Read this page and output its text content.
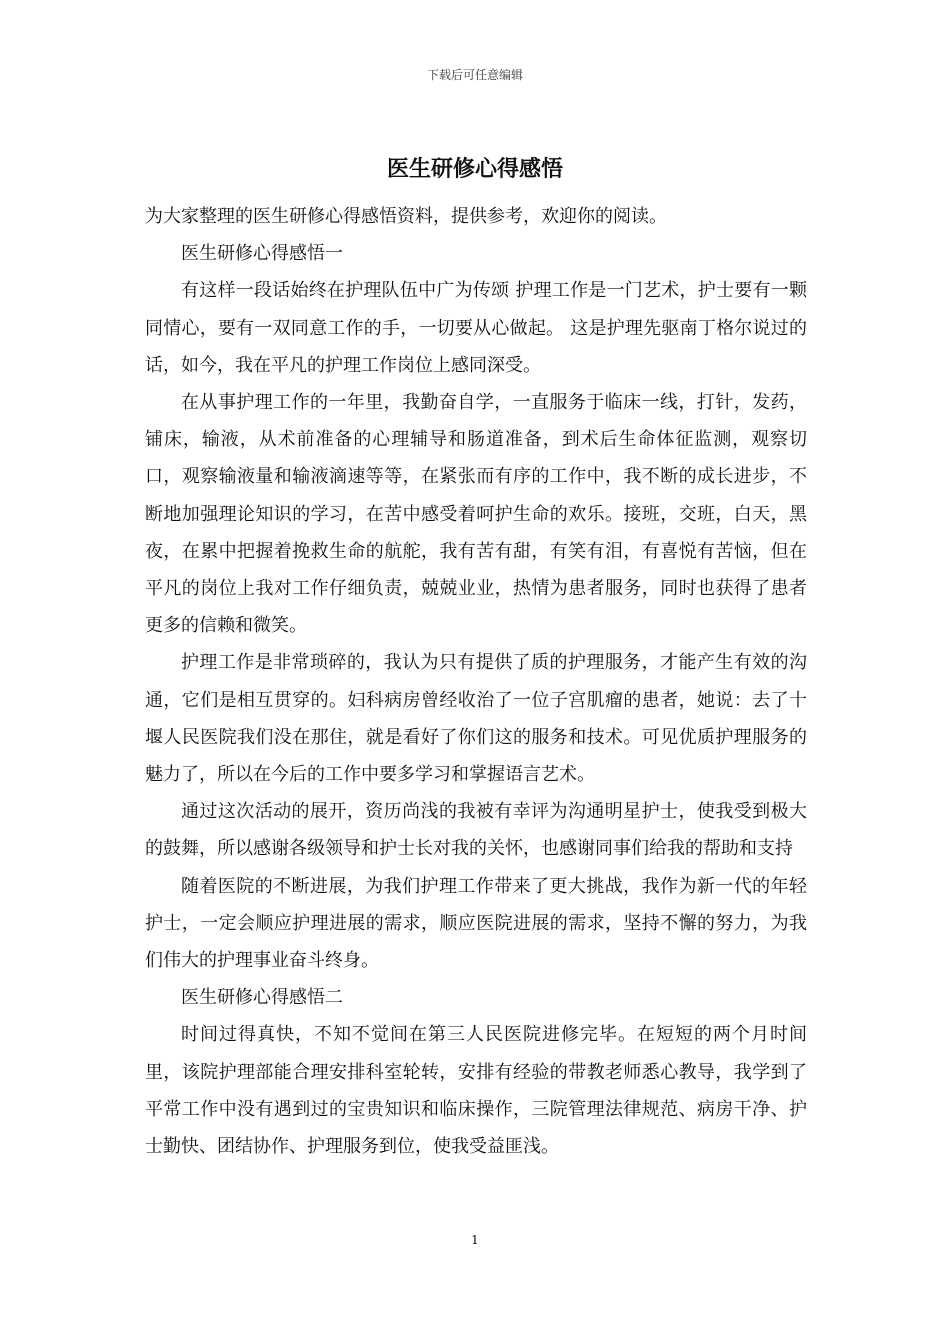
下载后可任意编辑
医生研修心得感悟

为大家整理的医生研修心得感悟资料，提供参考，欢迎你的阅读。

医生研修心得感悟一

有这样一段话始终在护理队伍中广为传颂 护理工作是一门艺术，护士要有一颗同情心，要有一双同意工作的手，一切要从心做起。 这是护理先驱南丁格尔说过的话，如今，我在平凡的护理工作岗位上感同深受。

在从事护理工作的一年里，我勤奋自学，一直服务于临床一线，打针，发药，铺床，输液，从术前准备的心理辅导和肠道准备，到术后生命体征监测，观察切口，观察输液量和输液滴速等等，在紧张而有序的工作中，我不断的成长进步，不断地加强理论知识的学习，在苦中感受着呵护生命的欢乐。接班，交班，白天，黑夜，在累中把握着挽救生命的航舵，我有苦有甜，有笑有泪，有喜悦有苦恼，但在平凡的岗位上我对工作仔细负责，兢兢业业，热情为患者服务，同时也获得了患者更多的信赖和微笑。

护理工作是非常琐碎的，我认为只有提供了质的护理服务，才能产生有效的沟通，它们是相互贯穿的。妇科病房曾经收治了一位子宫肌瘤的患者，她说：去了十堰人民医院我们没在那住，就是看好了你们这的服务和技术。可见优质护理服务的魅力了，所以在今后的工作中要多学习和掌握语言艺术。

通过这次活动的展开，资历尚浅的我被有幸评为沟通明星护士，使我受到极大的鼓舞，所以感谢各级领导和护士长对我的关怀，也感谢同事们给我的帮助和支持

随着医院的不断进展，为我们护理工作带来了更大挑战，我作为新一代的年轻护士，一定会顺应护理进展的需求，顺应医院进展的需求，坚持不懈的努力，为我们伟大的护理事业奋斗终身。

医生研修心得感悟二

时间过得真快，不知不觉间在第三人民医院进修完毕。在短短的两个月时间里，该院护理部能合理安排科室轮转，安排有经验的带教老师悉心教导，我学到了平常工作中没有遇到过的宝贵知识和临床操作，三院管理法律规范、病房干净、护士勤快、团结协作、护理服务到位，使我受益匪浅。

1
